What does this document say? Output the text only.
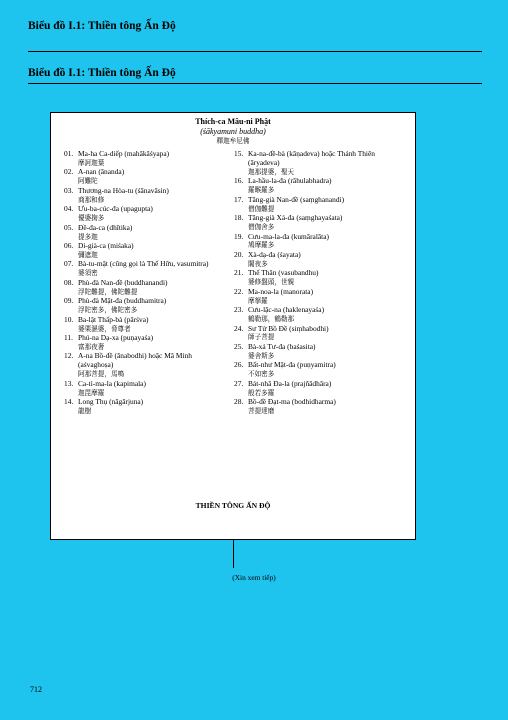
Biểu đồ I.1: Thiền tông Ấn Độ
Biểu đồ I.1: Thiền tông Ấn Độ
Thích-ca Mâu-ni Phật
(śākyamuni buddha)
釋迦牟尼佛
01. Ma-ha Ca-diếp (mahākāśyapa)
摩訶迦葉
02. A-nan (ānanda)
阿難陀
03. Thương-na Hòa-tu (śānavāsin)
商那和修
04. Ưu-ba-cúc-đa (upagupta)
優婆掬多
05. Đề-đa-ca (dhītika)
提多迦
06. Di-già-ca (miśaka)
彌遮迦
07. Bà-tu-mật (cũng gọi là Thế Hữu, vasumitra)
婆須密
08. Phù-đà Nan-đề (buddhanandi)
浮陀難提，佛陀難提
09. Phù-đà Mật-đa (buddhamitra)
浮陀密多，佛陀密多
10. Ba-lật Thấp-bà (pārśva)
婆栗濕婆，脅尊者
11. Phú-na Dạ-xa (puṇayaśa)
富那夜奢
12. A-na Bồ-đề (ānabodhi) hoặc Mã Minh (aśvaghoṣa)
阿那菩提，馬鳴
13. Ca-tì-ma-la (kapimala)
迦毘摩羅
14. Long Thụ (nāgārjuna)
龍樹
15. Ka-na-đề-bà (kāṇadeva) hoặc Thánh Thiên (āryadeva)
迦那提婆，聖天
16. La-hầu-la-đa (rāhulabhadra)
羅睺羅多
17. Tăng-già Nan-đề (saṃghanandi)
僧伽難提
18. Tăng-già Xá-đa (saṃghayaśata)
僧伽舍多
19. Cưu-ma-la-đa (kumāralāta)
鳩摩羅多
20. Xà-dạ-đa (śayata)
闍夜多
21. Thế Thân (vasubandhu)
婆修盤頭，世親
22. Ma-noa-la (manorata)
摩拏羅
23. Cưu-lặc-na (haklenayaśa)
鶴勒那，鶴勒那
24. Sư Tử Bồ Đề (siṃhabodhi)
師子菩提
25. Bà-xá Tư-đa (baśasita)
婆舍斯多
26. Bất-như Mật-đa (puṇyamitra)
不如密多
27. Bát-nhã Đa-la (prajñādhāra)
般若多羅
28. Bồ-đề Đạt-ma (bodhidharma)
菩提達磨
THIỀN TÔNG ẤN ĐỘ
(Xin xem tiếp)
712
